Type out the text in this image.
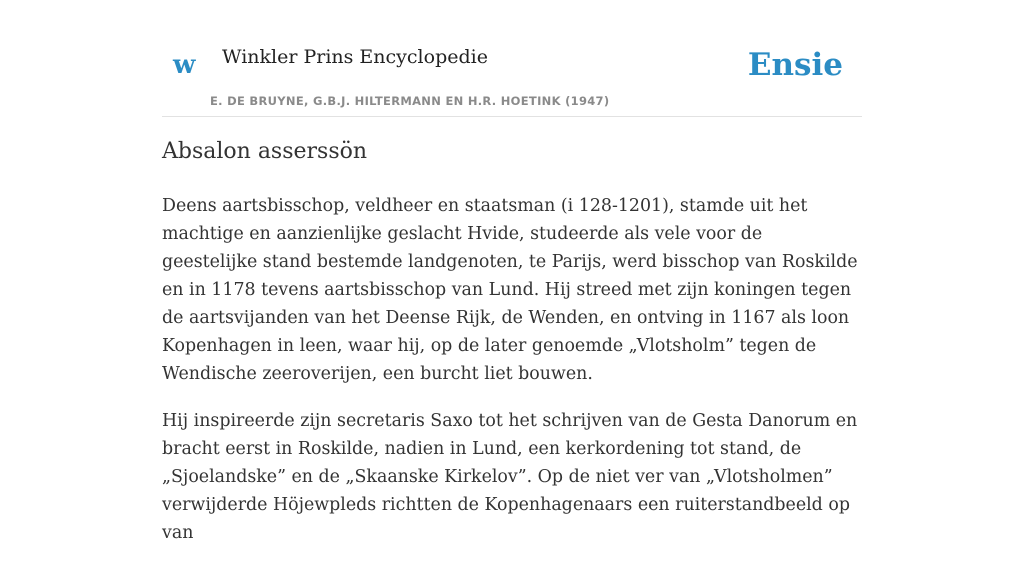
w Winkler Prins Encyclopedie
E. DE BRUYNE, G.B.J. HILTERMANN EN H.R. HOETINK (1947)
Ensie
Absalon asserssön

Deens aartsbisschop, veldheer en staatsman (i 128-1201), stamde uit het machtige en aanzienlijke geslacht Hvide, studeerde als vele voor de geestelijke stand bestemde landgenoten, te Parijs, werd bisschop van Roskilde en in 1178 tevens aartsbisschop van Lund. Hij streed met zijn koningen tegen de aartsvijanden van het Deense Rijk, de Wenden, en ontving in 1167 als loon Kopenhagen in leen, waar hij, op de later genoemde „Vlotsholm” tegen de Wendische zeeroverijen, een burcht liet bouwen.

Hij inspireerde zijn secretaris Saxo tot het schrijven van de Gesta Danorum en bracht eerst in Roskilde, nadien in Lund, een kerkordening tot stand, de „Sjoelandske” en de „Skaanske Kirkelov”. Op de niet ver van „Vlotsholmen” verwijderde Höjewpleds richtten de Kopenhagenaars een ruiterstandbeeld op van
